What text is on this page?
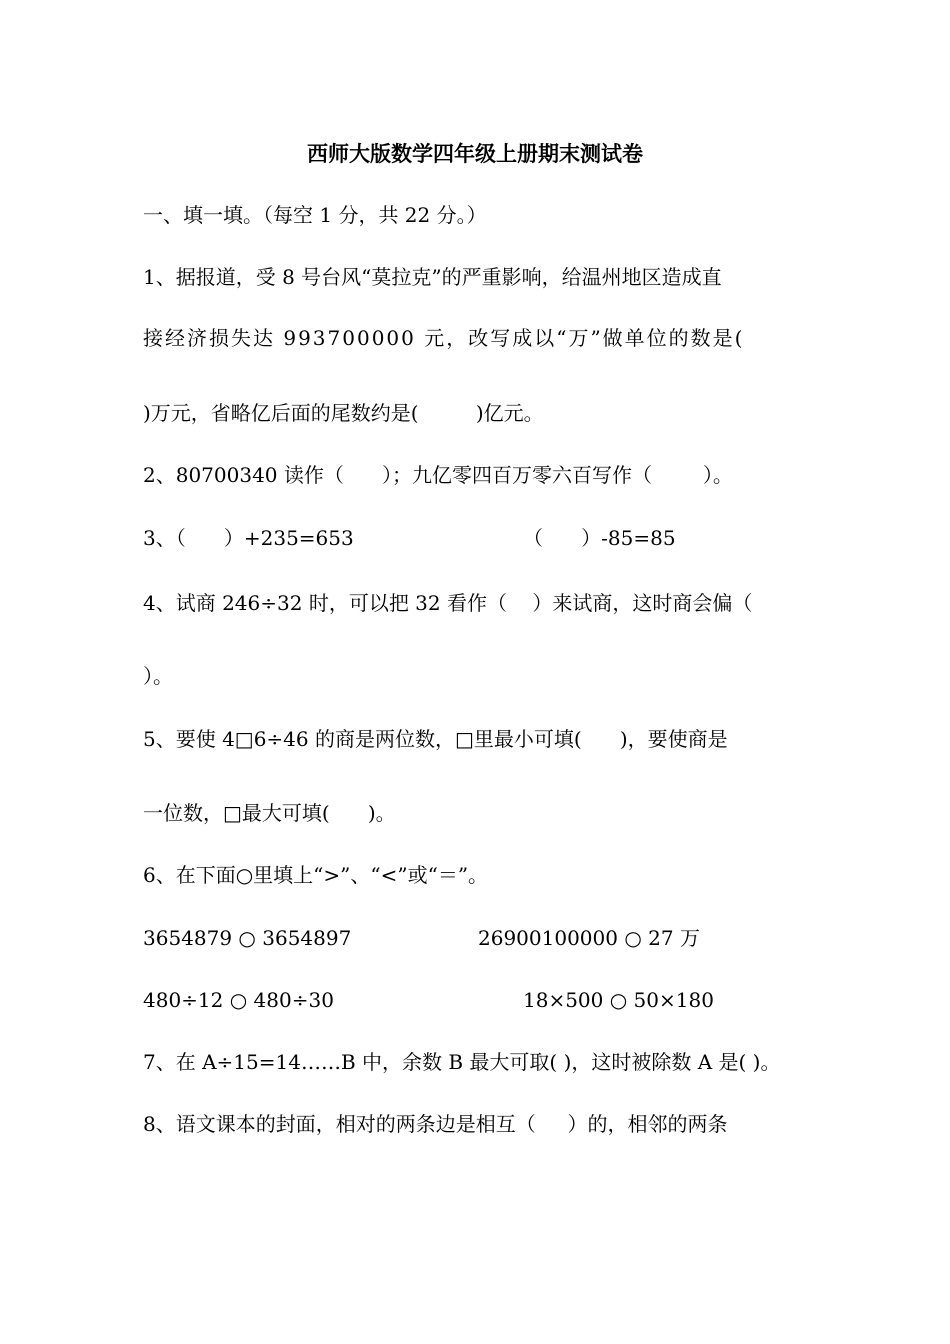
西师大版数学四年级上册期末测试卷
一、填一填。（每空 1 分，共 22 分。）
1、据报道，受 8 号台风“莫拉克”的严重影响，给温州地区造成直
接经济损失达 993700000 元，改写成以“万”做单位的数是(
)万元，省略亿后面的尾数约是(         )亿元。
2、80700340 读作（      ）；九亿零四百万零六百写作（        ）。
3、（      ）+235=653	（      ）-85=85
4、试商 246÷32 时，可以把 32 看作（    ）来试商，这时商会偏（
）。
5、要使 4□6÷46 的商是两位数，□里最小可填(      )，要使商是
一位数，□最大可填(      )。
6、在下面○里填上“>”、“<”或“＝”。
3654879 ○ 3654897	26900100000 ○ 27 万
480÷12 ○ 480÷30	18×500 ○ 50×180
7、在 A÷15=14……B 中，余数 B 最大可取( )，这时被除数 A 是( )。
8、语文课本的封面，相对的两条边是相互（     ）的，相邻的两条
